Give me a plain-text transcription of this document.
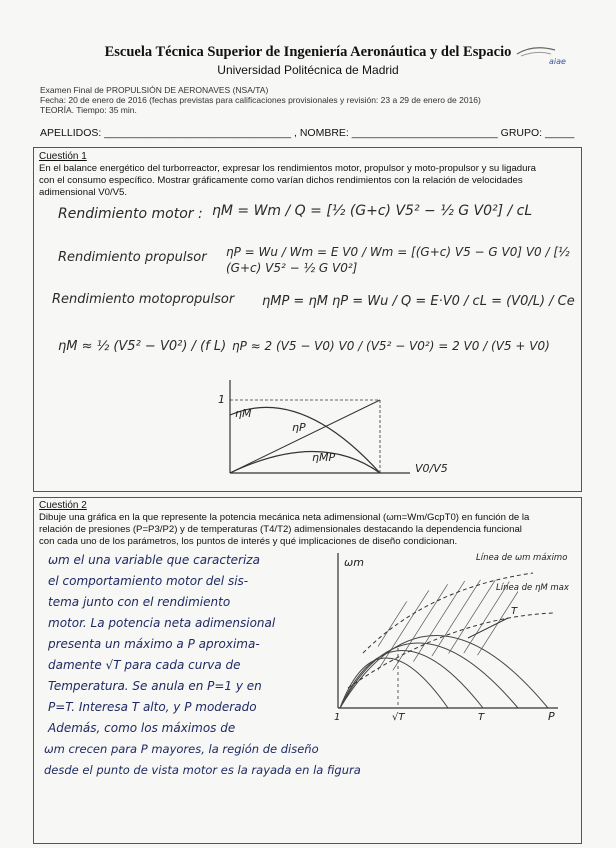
Escuela Técnica Superior de Ingeniería Aeronáutica y del Espacio
Universidad Politécnica de Madrid
aiae
Examen Final de PROPULSIÓN DE AERONAVES (NSA/TA)
Fecha: 20 de enero de 2016 (fechas previstas para calificaciones provisionales y revisión: 23 a 29 de enero de 2016)
TEORÍA. Tiempo: 35 min.
APELLIDOS: ________________________________ , NOMBRE: _________________________ GRUPO: _____
Cuestión 1
En el balance energético del turborreactor, expresar los rendimientos motor, propulsor y moto-propulsor y su ligadura
con el consumo específico. Mostrar gráficamente como varían dichos rendimientos con la relación de velocidades
adimensional V0/V5.
Rendimiento motor : ηM = Wm / Q = [½ (G+c) V5² − ½ G V0²] / cL
Rendimiento propulsor ηP = Wu / Wm = E V0 / Wm = [(G+c) V5 − G V0] V0 / [½ (G+c) V5² − ½ G V0²]
Rendimiento motopropulsor ηMP = ηM ηP = Wu / Q = E·V0 / cL = (V0/L) / Ce
ηM ≈ ½ (V5² − V0²) / (f L) ηP ≈ 2 (V5 − V0) V0 / (V5² − V0²) = 2 V0 / (V5 + V0)
1
ηM
ηP
ηMP
V0/V5
Cuestión 2
Dibuje una gráfica en la que represente la potencia mecánica neta adimensional (ωm=Wm/GcpT0) en función de la
relación de presiones (P=P3/P2) y de temperaturas (T4/T2) adimensionales destacando la dependencia funcional
con cada uno de los parámetros, los puntos de interés y qué implicaciones de diseño condicionan.
ωm el una variable que caracteriza
el comportamiento motor del sis-
tema junto con el rendimiento
motor. La potencia neta adimensional
presenta un máximo a P aproxima-
damente √T para cada curva de
Temperatura. Se anula en P=1 y en
P=T. Interesa T alto, y P moderado
Además, como los máximos de
ωm crecen para P mayores, la región de diseño
desde el punto de vista motor es la rayada en la figura
ωm
1	√T	T	P
T
Línea de ωm máximo
Línea de ηM max
